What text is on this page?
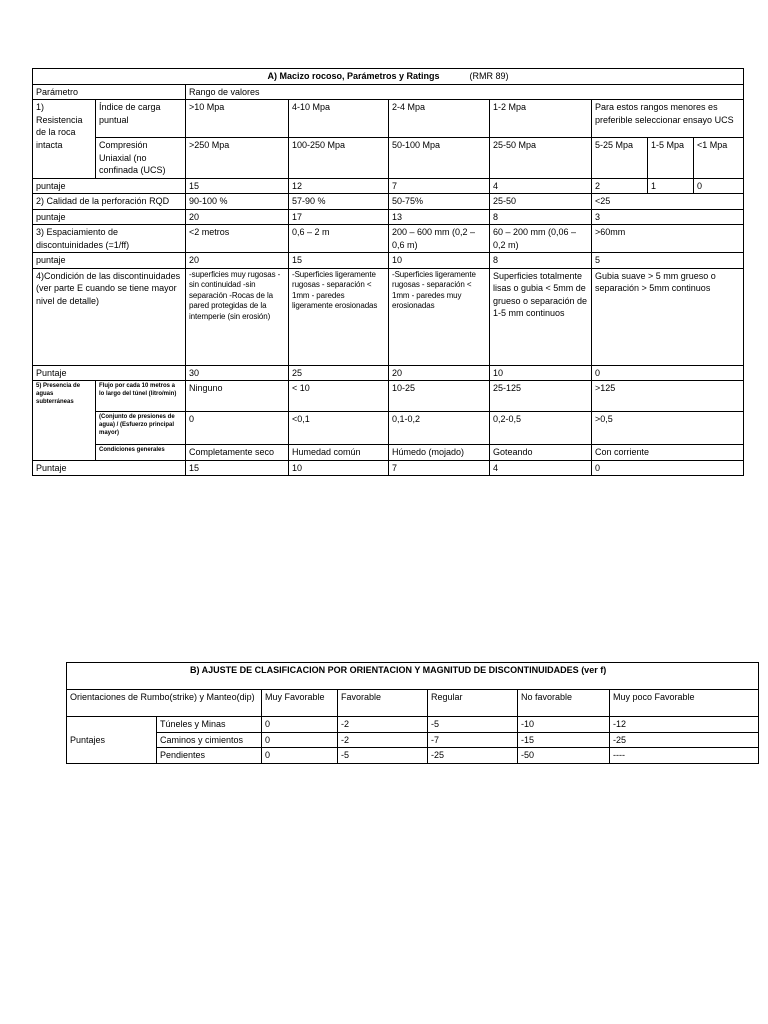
A) Macizo rocoso, Parámetros y Ratings (RMR 89)								
Parámetro		Rango de valores						
1) Resistencia de la roca intacta	Índice de carga puntual	>10 Mpa	4-10 Mpa	2-4 Mpa	1-2 Mpa	Para estos rangos menores es preferible seleccionar ensayo UCS		
	Compresión Uniaxial (no confinada (UCS)	>250 Mpa	100-250 Mpa	50-100 Mpa	25-50 Mpa	5-25 Mpa	1-5 Mpa	<1 Mpa
puntaje		15	12	7	4	2	1	0
2) Calidad de la perforación RQD		90-100 %	57-90 %	50-75%	25-50	<25		
puntaje		20	17	13	8	3		
3) Espaciamiento de discontuinidades (=1/ff)		<2 metros	0,6 – 2 m	200 – 600 mm (0,2 – 0,6 m)	60 – 200 mm (0,06 – 0,2 m)	>60mm		
puntaje		20	15	10	8	5		
4)Condición de las discontinuidades (ver parte E cuando se tiene mayor nivel de detalle)		-superficies muy rugosas -sin continuidad -sin separación -Rocas de la pared protegidas de la intemperie (sin erosión)	-Superficies ligeramente rugosas - separación < 1mm - paredes ligeramente erosionadas	-Superficies ligeramente rugosas - separación < 1mm - paredes muy erosionadas	Superficies totalmente lisas o gubia < 5mm de grueso o separación de 1-5 mm continuos	Gubia suave > 5 mm grueso o separación > 5mm continuos		
Puntaje		30	25	20	10	0		
5) Presencia de aguas subterráneas	Flujo por cada 10 metros a lo largo del túnel (litro/min)	Ninguno	< 10	10-25	25-125	>125		
	(Conjunto de presiones de agua) / (Esfuerzo principal mayor)	0	<0,1	0,1-0,2	0,2-0,5	>0,5		
	Condiciones generales	Completamente seco	Humedad común	Húmedo (mojado)	Goteando	Con corriente		
Puntaje		15	10	7	4	0		
B) AJUSTE DE CLASIFICACION POR ORIENTACION Y MAGNITUD DE DISCONTINUIDADES (ver f)						

Orientaciones de Rumbo(strike) y Manteo(dip)		Muy Favorable	Favorable	Regular	No favorable	Muy poco Favorable
Puntajes	Túneles y Minas	0	-2	-5	-10	-12
	Caminos y cimientos	0	-2	-7	-15	-25
	Pendientes	0	-5	-25	-50	----
